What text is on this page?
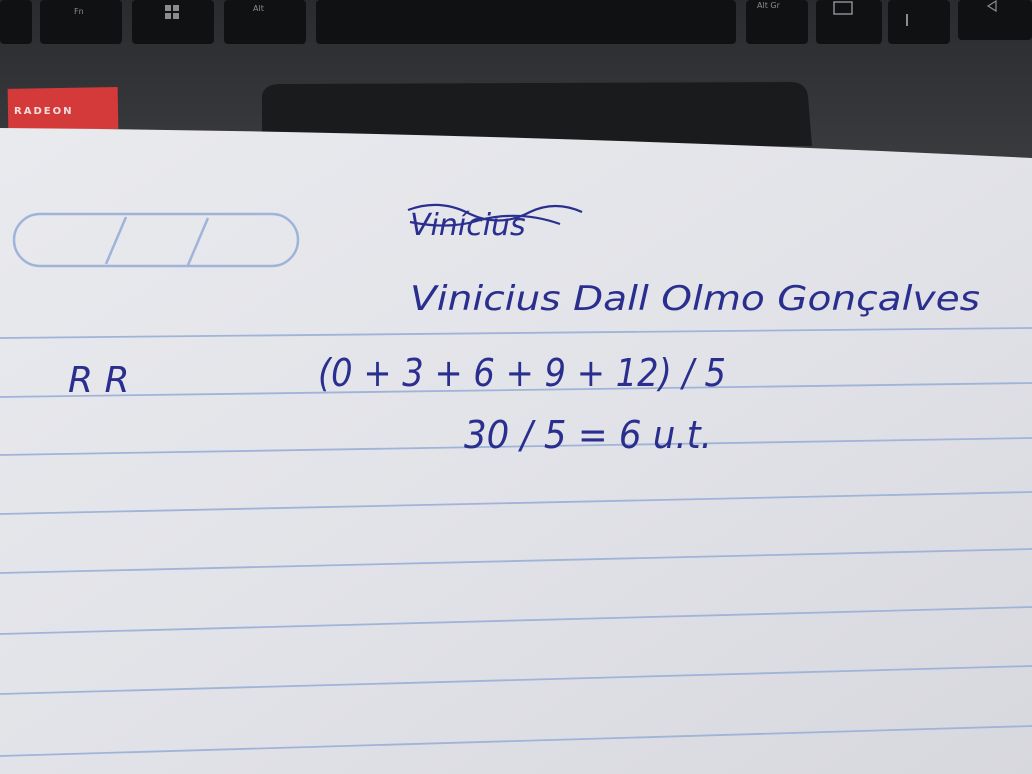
Fn	Alt	Alt Gr
RADEON
Vinícius
Vinicius Dall Olmo Gonçalves
R R	(0 + 3 + 6 + 9 + 12) / 5
30 / 5 = 6 u.t.
